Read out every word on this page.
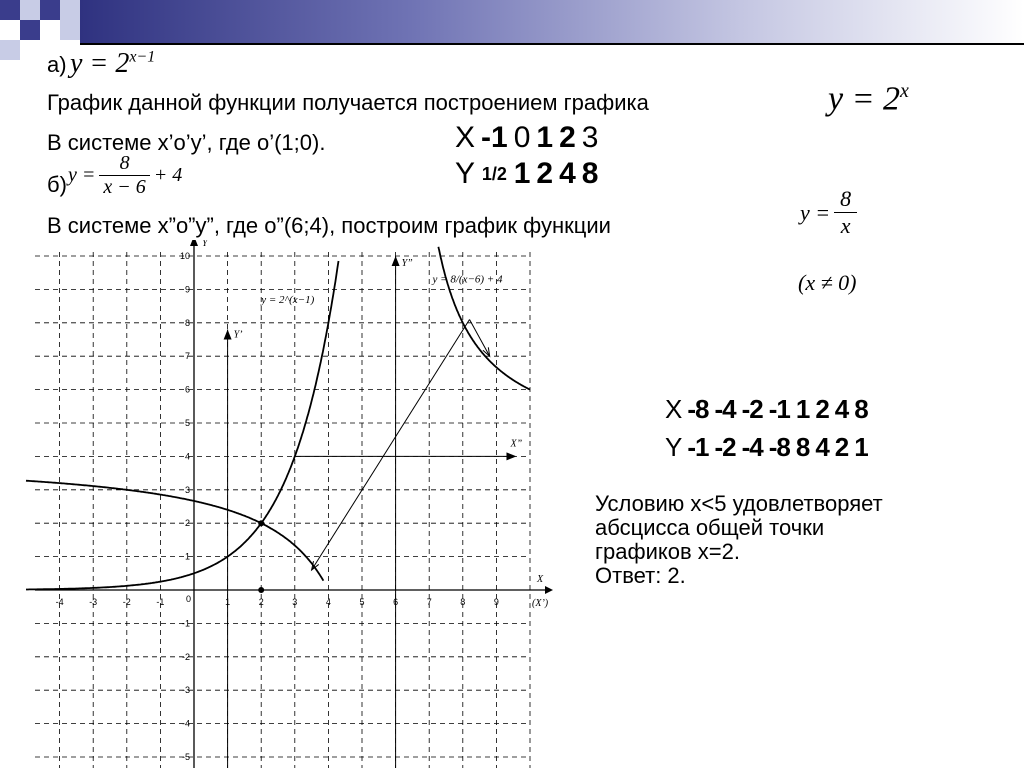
а) $y = 2^{x-1}$
График данной функции получается построением графика	$y = 2^x$
В системе x’o’y’, где o’(1;0).
б) y =	
8
x − 6
	+ 4
В системе x”o”y”, где o”(6;4), построим график функции
y =	
8
x
(x ≠ 0)
X	-1	0	1	2	3
Y	1/2	1	2	4	8
X	-8	-4	-2	-1	1	2	4	8
Y	-1	-2	-4	-8	8	4	2	1
Условию x<5 удовлетворяет
абсцисса общей точки
графиков x=2.
Ответ: 2.
-4	-3	-2	-1	1	2	3	4	5	6	7	8	9
-5
-4
-3
-2
-1
1
2
3
4
5
6
7
8
9
10
0
Y
X
(X’)
Y’
Y”
X”
y = 2^(x−1)
y = 8/(x−6) + 4
